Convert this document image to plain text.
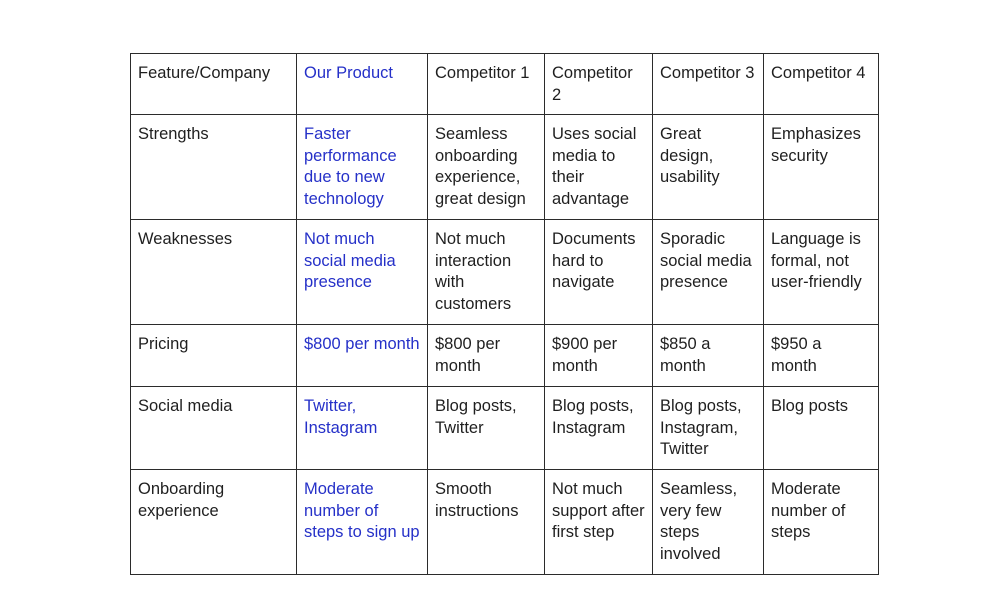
Feature/Company	Our Product	Competitor 1	Competitor 2	Competitor 3	Competitor 4
Strengths	Faster performance due to new technology	Seamless onboarding experience, great design	Uses social media to their advantage	Great design, usability	Emphasizes security
Weaknesses	Not much social media presence	Not much interaction with customers	Documents hard to navigate	Sporadic social media presence	Language is formal, not user-friendly
Pricing	$800 per month	$800 per month	$900 per month	$850 a month	$950 a month
Social media	Twitter, Instagram	Blog posts, Twitter	Blog posts, Instagram	Blog posts, Instagram, Twitter	Blog posts
Onboarding experience	Moderate number of steps to sign up	Smooth instructions	Not much support after first step	Seamless, very few steps involved	Moderate number of steps
